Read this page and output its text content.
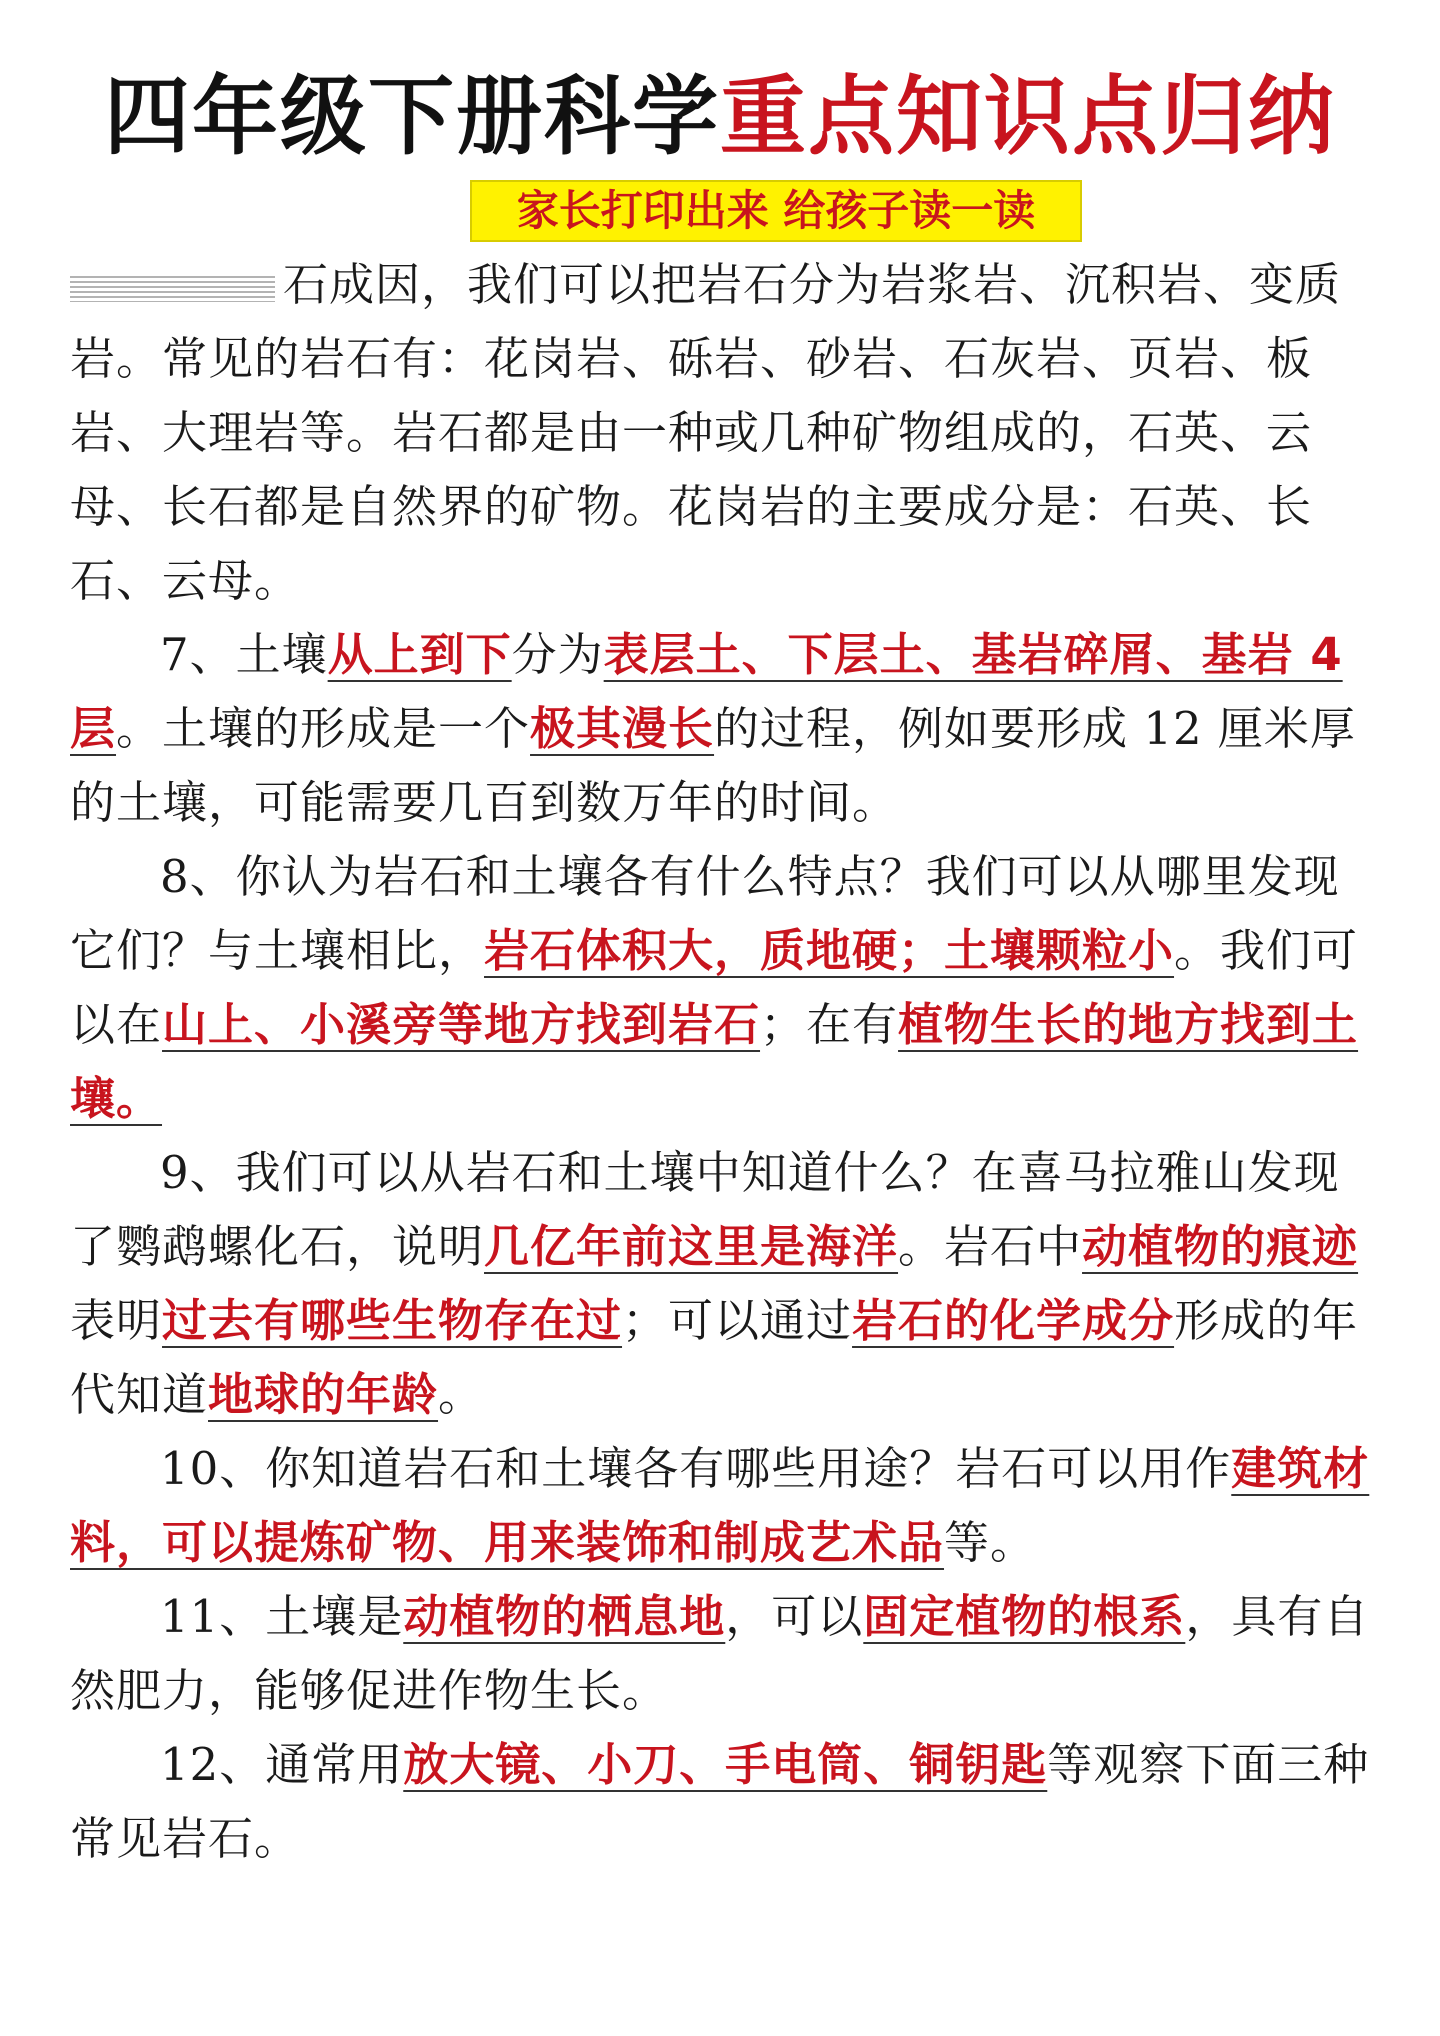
四年级下册科学重点知识点归纳
家长打印出来 给孩子读一读

石成因，我们可以把岩石分为岩浆岩、沉积岩、变质岩。常见的岩石有：花岗岩、砾岩、砂岩、石灰岩、页岩、板岩、大理岩等。岩石都是由一种或几种矿物组成的，石英、云母、长石都是自然界的矿物。花岗岩的主要成分是：石英、长石、云母。

7、土壤从上到下分为表层土、下层土、基岩碎屑、基岩 4 层。土壤的形成是一个极其漫长的过程，例如要形成 12 厘米厚的土壤，可能需要几百到数万年的时间。

8、你认为岩石和土壤各有什么特点？我们可以从哪里发现它们？与土壤相比，岩石体积大，质地硬；土壤颗粒小。我们可以在山上、小溪旁等地方找到岩石；在有植物生长的地方找到土壤。

9、我们可以从岩石和土壤中知道什么？在喜马拉雅山发现了鹦鹉螺化石，说明几亿年前这里是海洋。岩石中动植物的痕迹表明过去有哪些生物存在过；可以通过岩石的化学成分形成的年代知道地球的年龄。

10、你知道岩石和土壤各有哪些用途？岩石可以用作建筑材料，可以提炼矿物、用来装饰和制成艺术品等。

11、土壤是动植物的栖息地，可以固定植物的根系，具有自然肥力，能够促进作物生长。

12、通常用放大镜、小刀、手电筒、铜钥匙等观察下面三种常见岩石。
